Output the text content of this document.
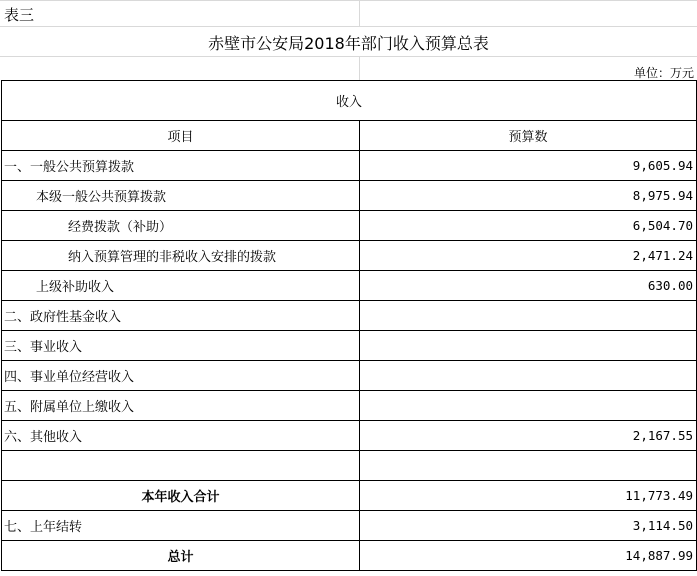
表三
赤壁市公安局2018年部门收入预算总表
单位：万元
收入	
项目	预算数
一、一般公共预算拨款	9,605.94
本级一般公共预算拨款	8,975.94
经费拨款（补助）	6,504.70
纳入预算管理的非税收入安排的拨款	2,471.24
上级补助收入	630.00
二、政府性基金收入	
三、事业收入	
四、事业单位经营收入	
五、附属单位上缴收入	
六、其他收入	2,167.55

本年收入合计	11,773.49
七、上年结转	3,114.50
总计	14,887.99
